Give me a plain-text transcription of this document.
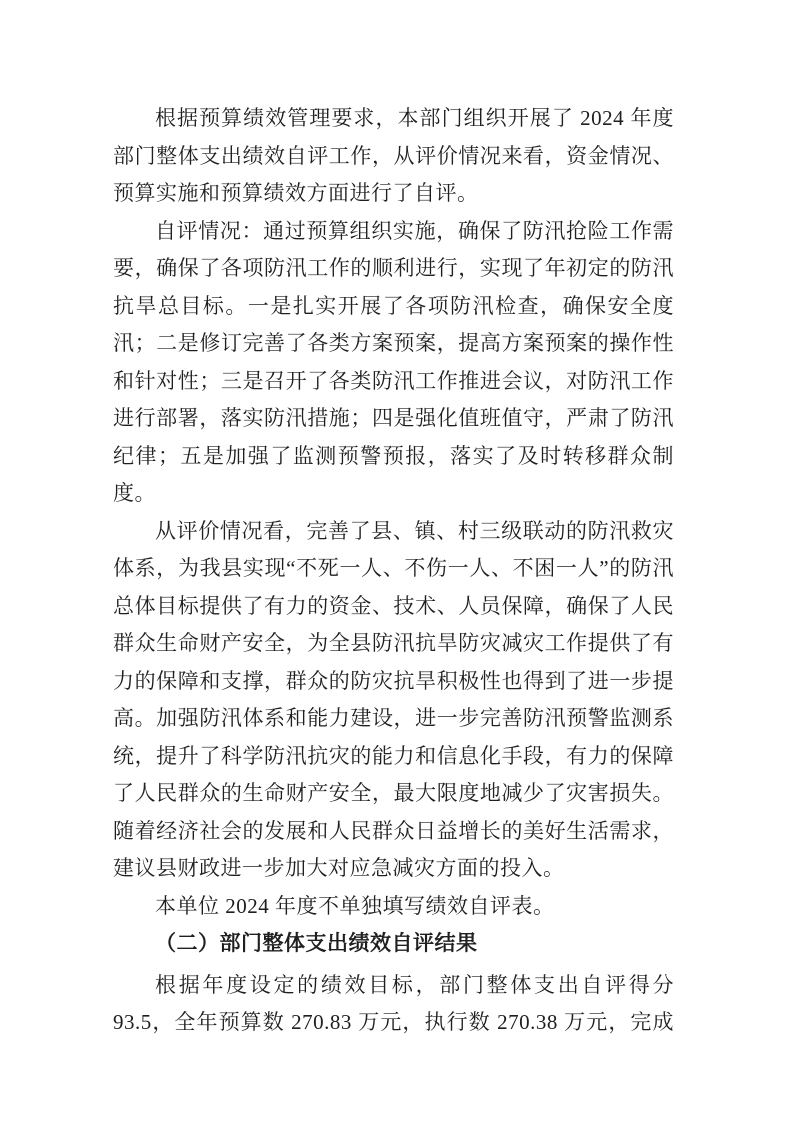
根据预算绩效管理要求，本部门组织开展了 2024 年度部门整体支出绩效自评工作，从评价情况来看，资金情况、预算实施和预算绩效方面进行了自评。

自评情况：通过预算组织实施，确保了防汛抢险工作需要，确保了各项防汛工作的顺利进行，实现了年初定的防汛抗旱总目标。一是扎实开展了各项防汛检查，确保安全度汛；二是修订完善了各类方案预案，提高方案预案的操作性和针对性；三是召开了各类防汛工作推进会议，对防汛工作进行部署，落实防汛措施；四是强化值班值守，严肃了防汛纪律；五是加强了监测预警预报，落实了及时转移群众制度。

从评价情况看，完善了县、镇、村三级联动的防汛救灾体系，为我县实现“不死一人、不伤一人、不困一人”的防汛总体目标提供了有力的资金、技术、人员保障，确保了人民群众生命财产安全，为全县防汛抗旱防灾减灾工作提供了有力的保障和支撑，群众的防灾抗旱积极性也得到了进一步提高。加强防汛体系和能力建设，进一步完善防汛预警监测系统，提升了科学防汛抗灾的能力和信息化手段，有力的保障了人民群众的生命财产安全，最大限度地减少了灾害损失。随着经济社会的发展和人民群众日益增长的美好生活需求，建议县财政进一步加大对应急减灾方面的投入。

本单位 2024 年度不单独填写绩效自评表。

（二）部门整体支出绩效自评结果

根据年度设定的绩效目标，部门整体支出自评得分 93.5，全年预算数 270.83 万元，执行数 270.38 万元，完成
